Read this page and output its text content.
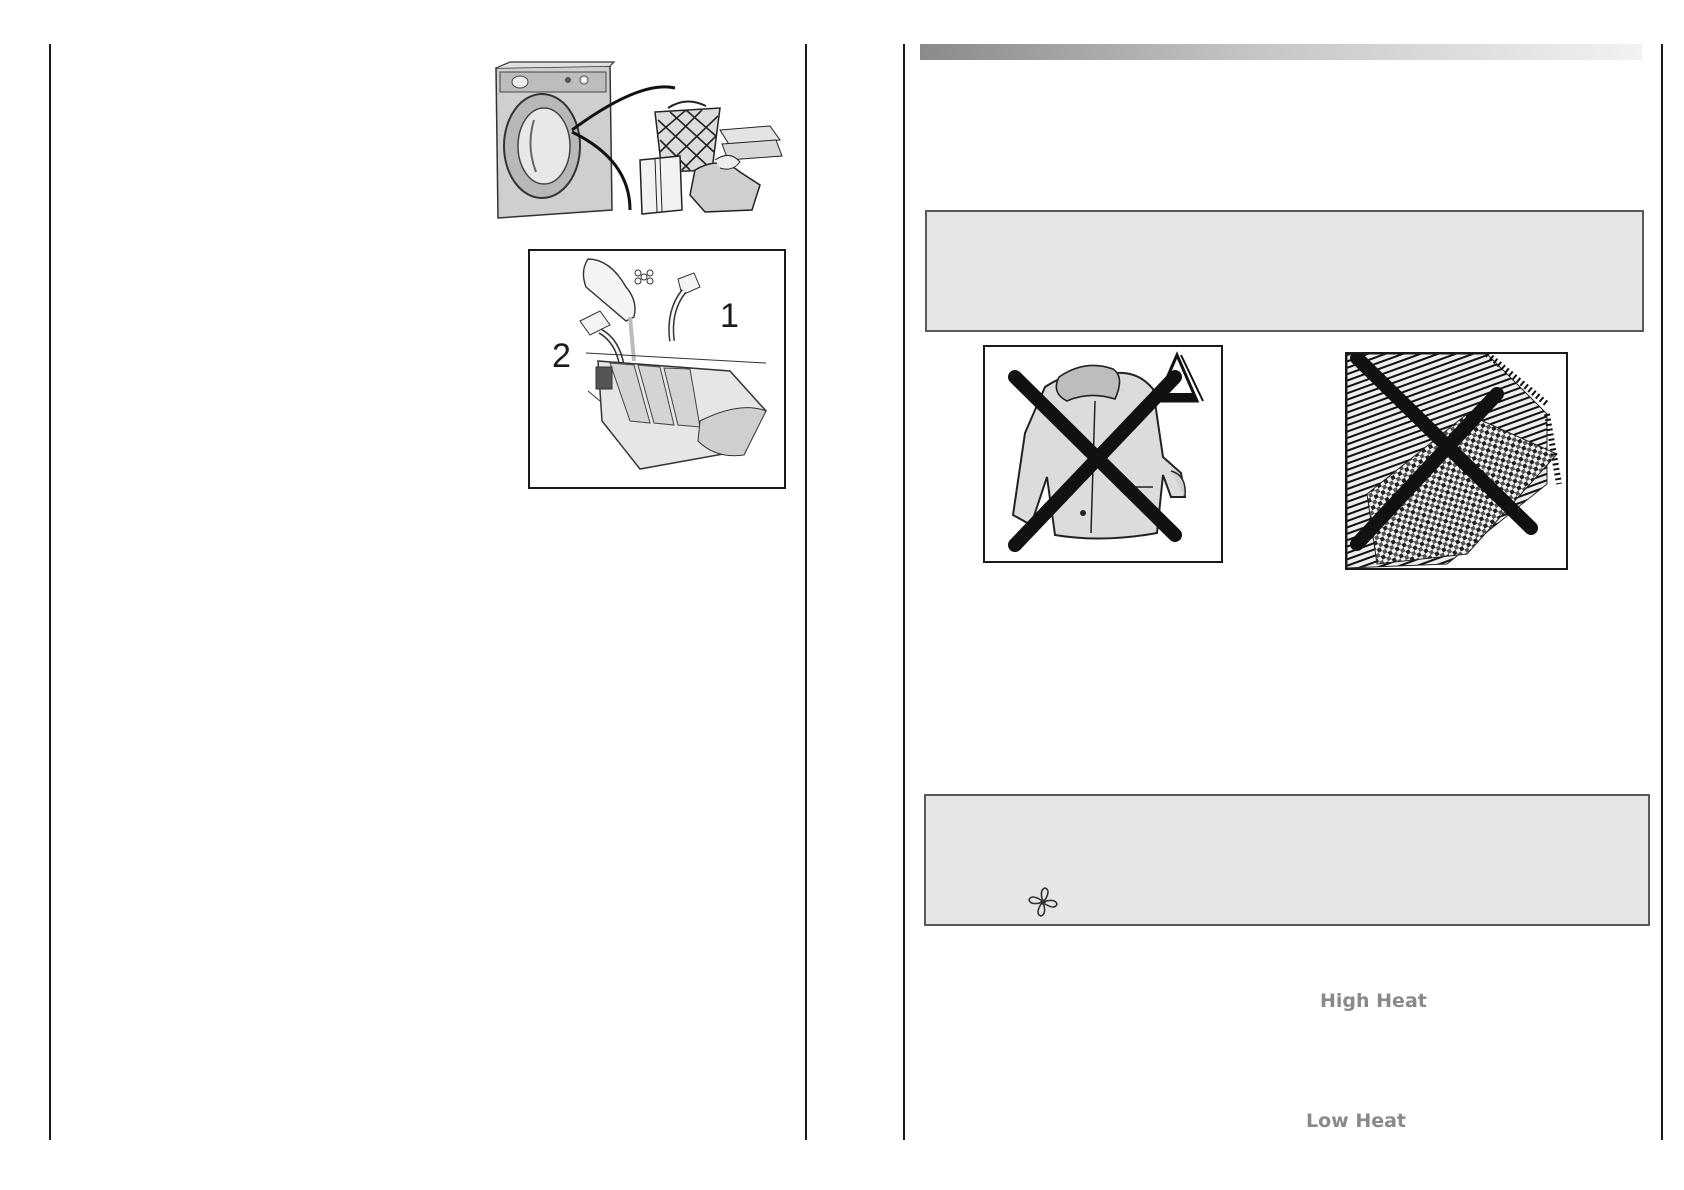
1
2
High Heat
Low Heat
